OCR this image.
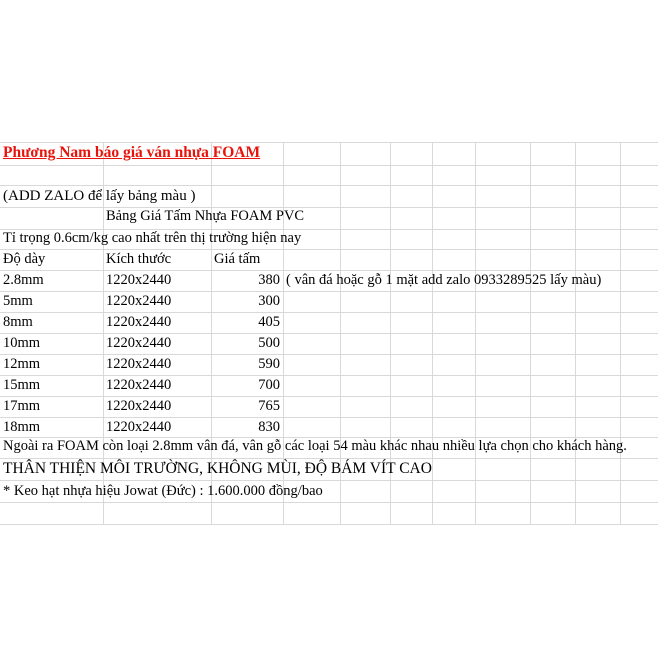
Phương Nam báo giá ván nhựa FOAM
(ADD ZALO để lấy bảng màu )
Bảng Giá Tấm Nhựa FOAM PVC
Tỉ trọng 0.6cm/kg cao nhất trên thị trường hiện nay
Độ dày	Kích thước	Giá tấm
2.8mm	1220x2440	380 ( vân đá hoặc gỗ 1 mặt add zalo 0933289525 lấy màu)
5mm	1220x2440	300
8mm	1220x2440	405
10mm	1220x2440	500
12mm	1220x2440	590
15mm	1220x2440	700
17mm	1220x2440	765
18mm	1220x2440	830
Ngoài ra FOAM còn loại 2.8mm vân đá, vân gỗ các loại 54 màu khác nhau nhiều lựa chọn cho khách hàng.
THÂN THIỆN MÔI TRƯỜNG, KHÔNG MÙI, ĐỘ BÁM VÍT CAO
* Keo hạt nhựa hiệu Jowat (Đức) : 1.600.000 đồng/bao
